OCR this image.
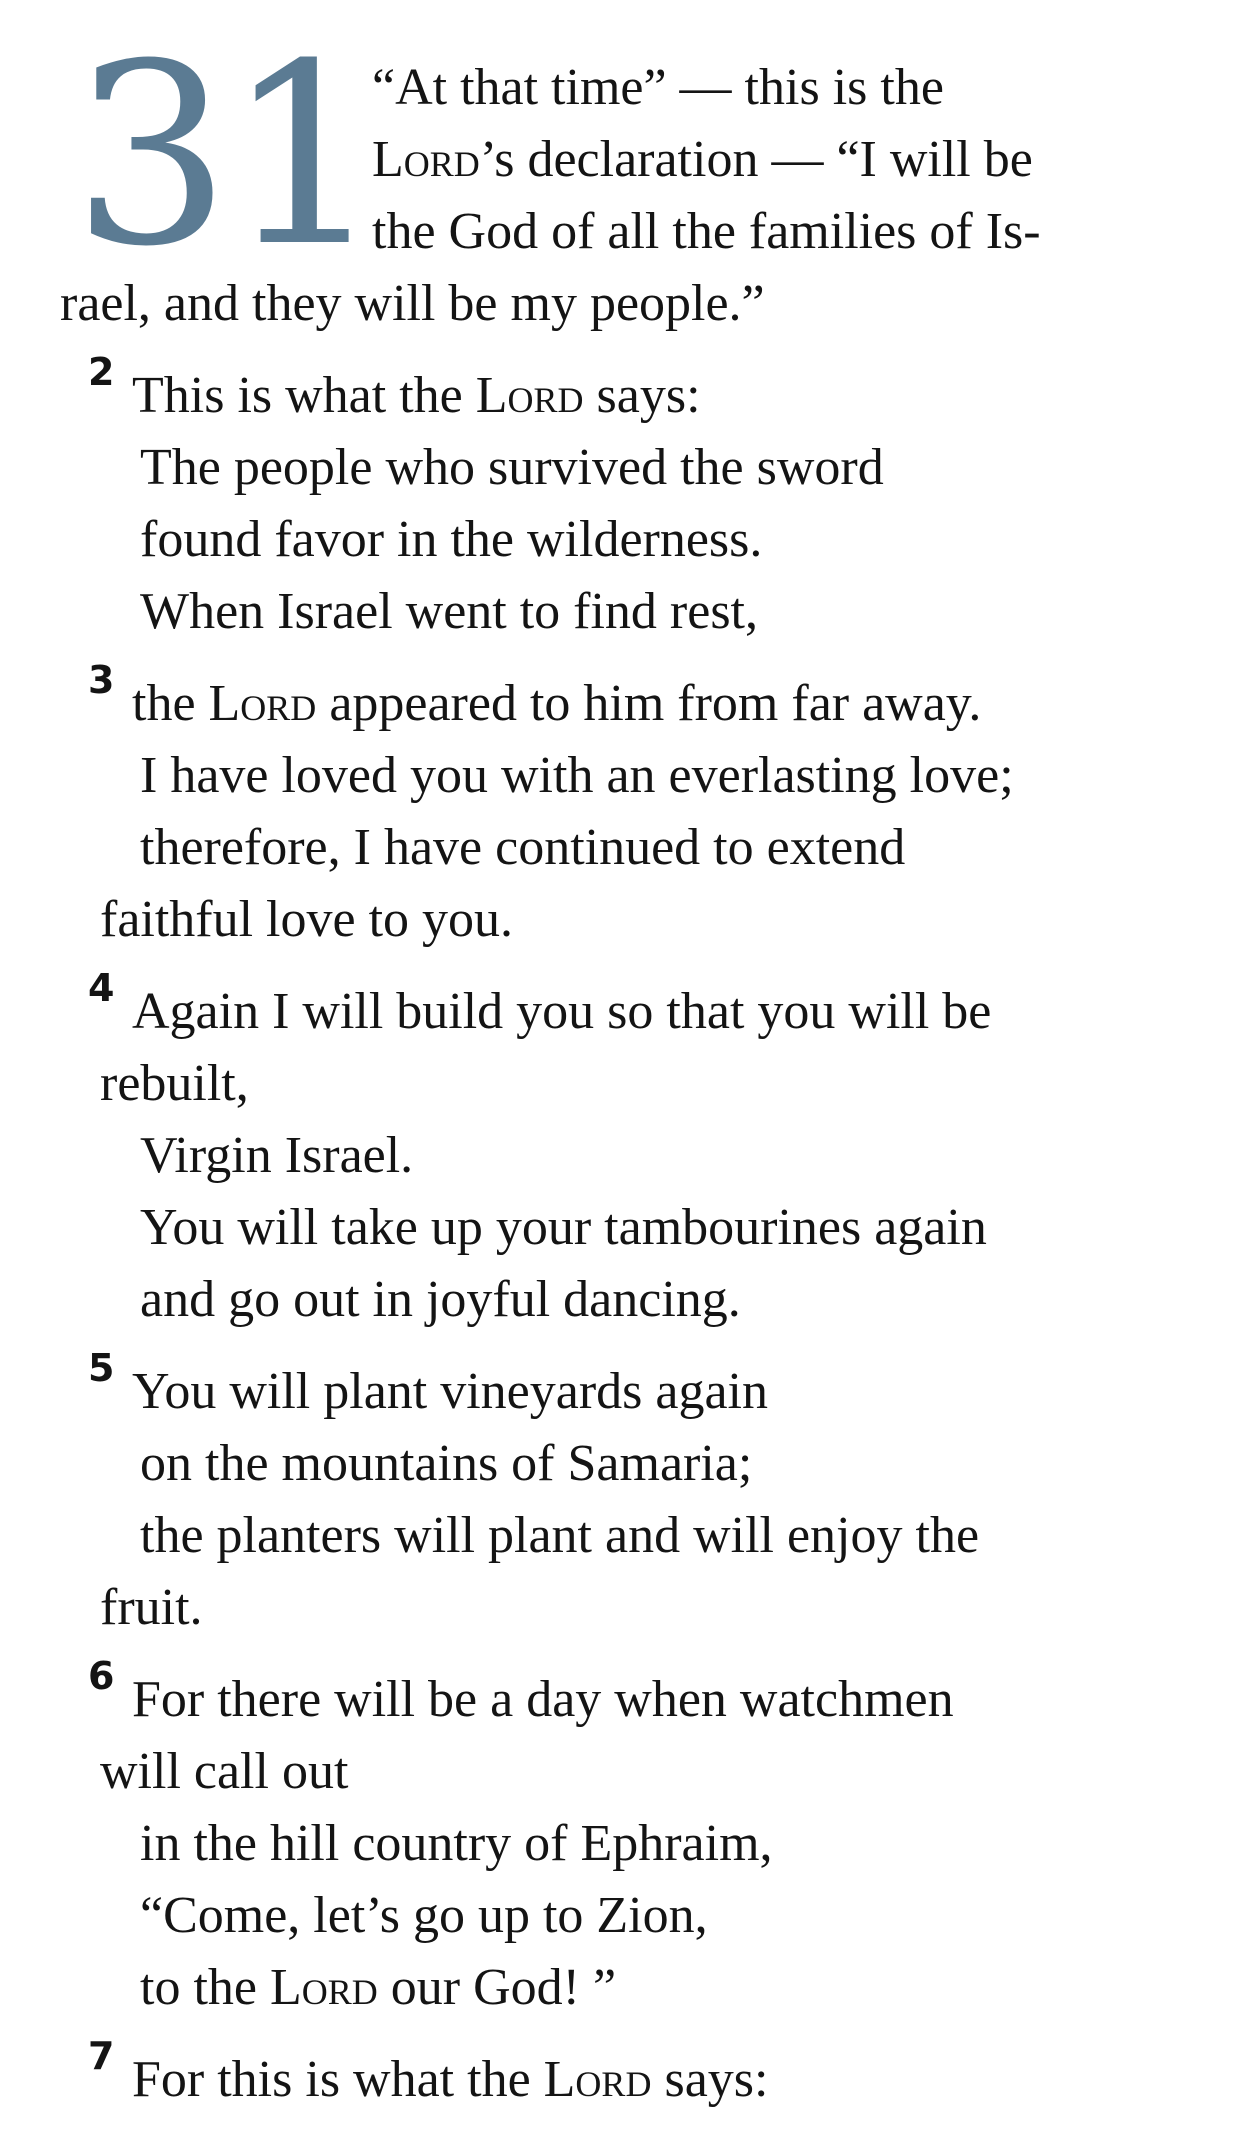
31
“At that time” — this is the
Lord’s declaration — “I will be
the God of all the families of Is-
rael, and they will be my people.”
2 This is what the Lord says:
The people who survived the sword
found favor in the wilderness.
When Israel went to find rest,
3 the Lord appeared to him from far away.
I have loved you with an everlasting love;
therefore, I have continued to extend
faithful love to you.
4 Again I will build you so that you will be
rebuilt,
Virgin Israel.
You will take up your tambourines again
and go out in joyful dancing.
5 You will plant vineyards again
on the mountains of Samaria;
the planters will plant and will enjoy the
fruit.
6 For there will be a day when watchmen
will call out
in the hill country of Ephraim,
“Come, let’s go up to Zion,
to the Lord our God! ”
7 For this is what the Lord says:
